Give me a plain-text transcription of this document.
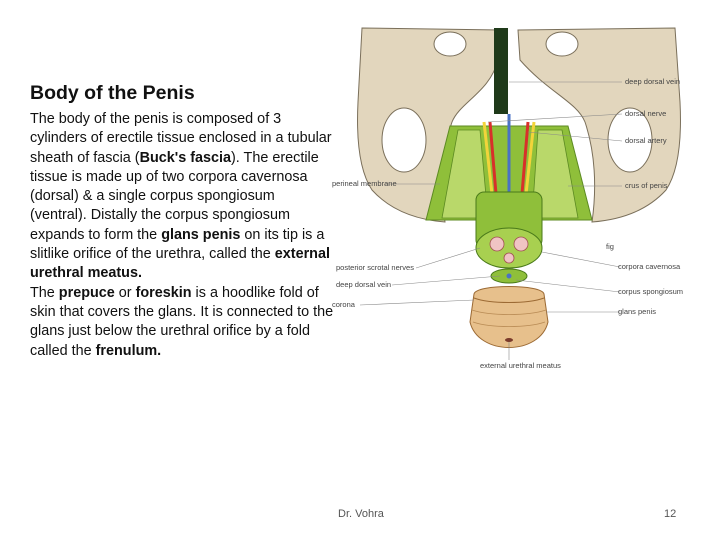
Body of the Penis

The body of the penis is composed of 3 cylinders of erectile tissue enclosed in a tubular sheath of fascia (Buck's fascia). The erectile tissue is made up of two corpora cavernosa (dorsal) & a single corpus spongiosum (ventral). Distally the corpus spongiosum expands to form the glans penis on its tip is a slitlike orifice of the urethra, called the external urethral meatus.

The prepuce or foreskin is a hoodlike fold of skin that covers the glans. It is connected to the glans just below the urethral orifice by a fold called the frenulum.

deep dorsal vein
dorsal nerve
dorsal artery
perineal membrane	crus of penis
fig
posterior scrotal nerves	corpora cavernosa
deep dorsal vein
corpus spongiosum
corona
glans penis
external urethral meatus
Dr. Vohra	12
